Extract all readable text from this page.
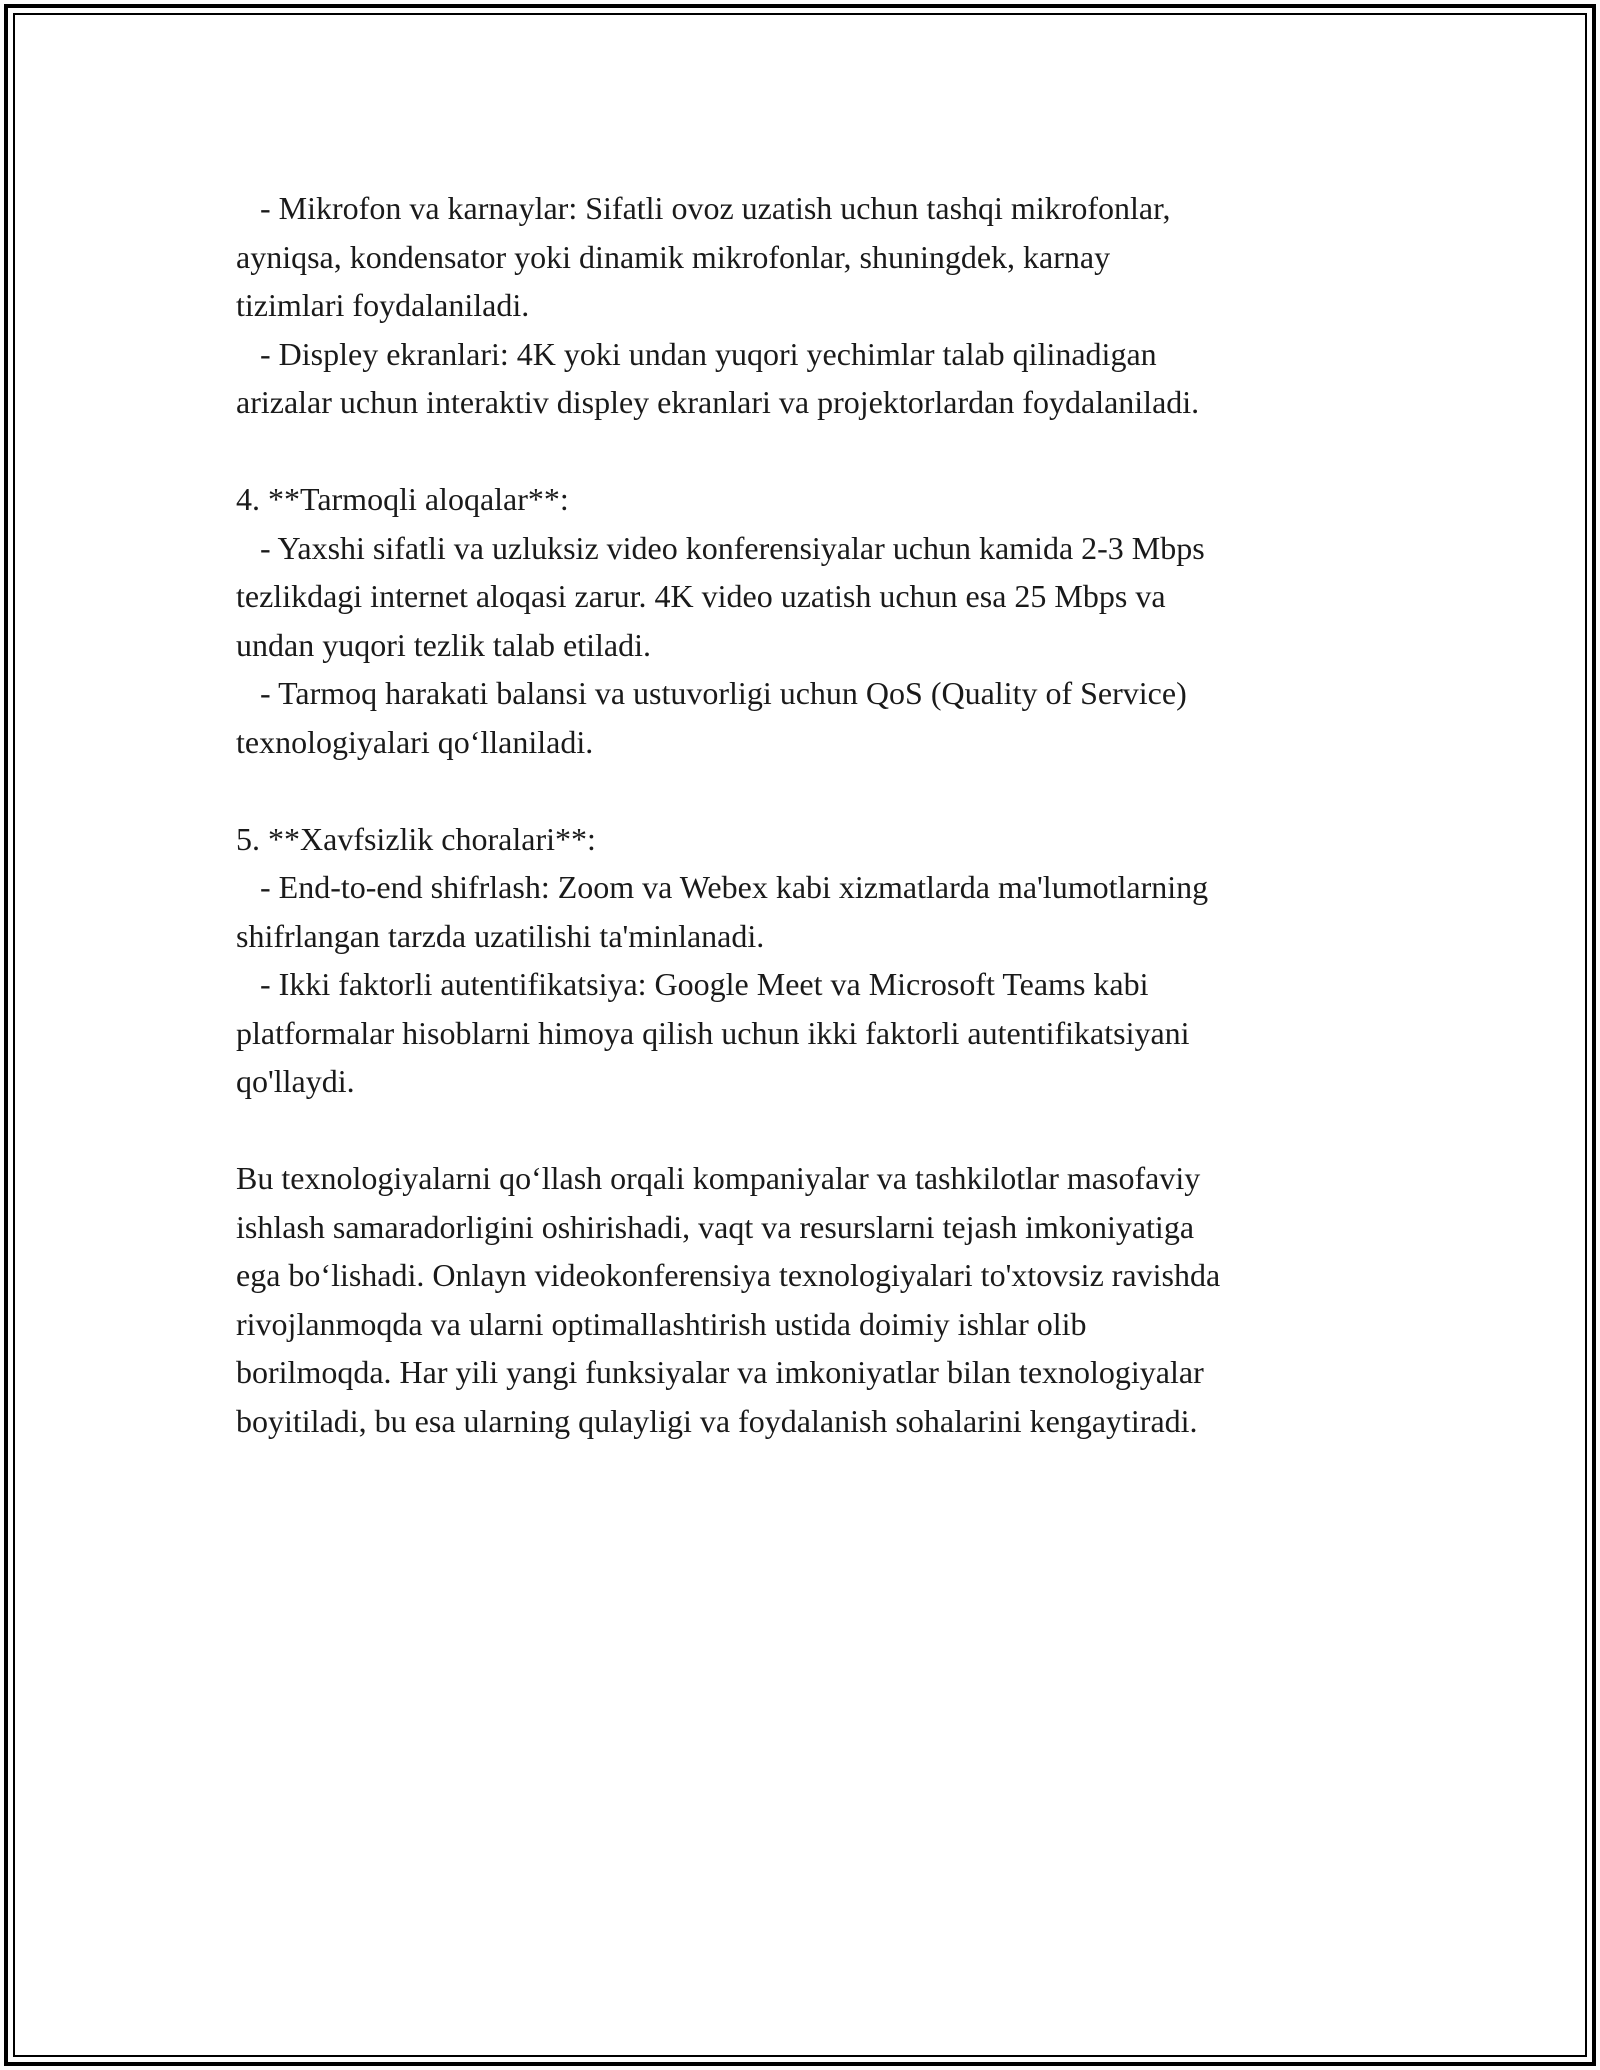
- Mikrofon va karnaylar: Sifatli ovoz uzatish uchun tashqi mikrofonlar,

ayniqsa, kondensator yoki dinamik mikrofonlar, shuningdek, karnay

tizimlari foydalaniladi.

- Displey ekranlari: 4K yoki undan yuqori yechimlar talab qilinadigan

arizalar uchun interaktiv displey ekranlari va projektorlardan foydalaniladi.

4. **Tarmoqli aloqalar**:

- Yaxshi sifatli va uzluksiz video konferensiyalar uchun kamida 2-3 Mbps

tezlikdagi internet aloqasi zarur. 4K video uzatish uchun esa 25 Mbps va

undan yuqori tezlik talab etiladi.

- Tarmoq harakati balansi va ustuvorligi uchun QoS (Quality of Service)

texnologiyalari qo‘llaniladi.

5. **Xavfsizlik choralari**:

- End-to-end shifrlash: Zoom va Webex kabi xizmatlarda ma'lumotlarning

shifrlangan tarzda uzatilishi ta'minlanadi.

- Ikki faktorli autentifikatsiya: Google Meet va Microsoft Teams kabi

platformalar hisoblarni himoya qilish uchun ikki faktorli autentifikatsiyani

qo'llaydi.

Bu texnologiyalarni qo‘llash orqali kompaniyalar va tashkilotlar masofaviy

ishlash samaradorligini oshirishadi, vaqt va resurslarni tejash imkoniyatiga

ega bo‘lishadi. Onlayn videokonferensiya texnologiyalari to'xtovsiz ravishda

rivojlanmoqda va ularni optimallashtirish ustida doimiy ishlar olib

borilmoqda. Har yili yangi funksiyalar va imkoniyatlar bilan texnologiyalar

boyitiladi, bu esa ularning qulayligi va foydalanish sohalarini kengaytiradi.
